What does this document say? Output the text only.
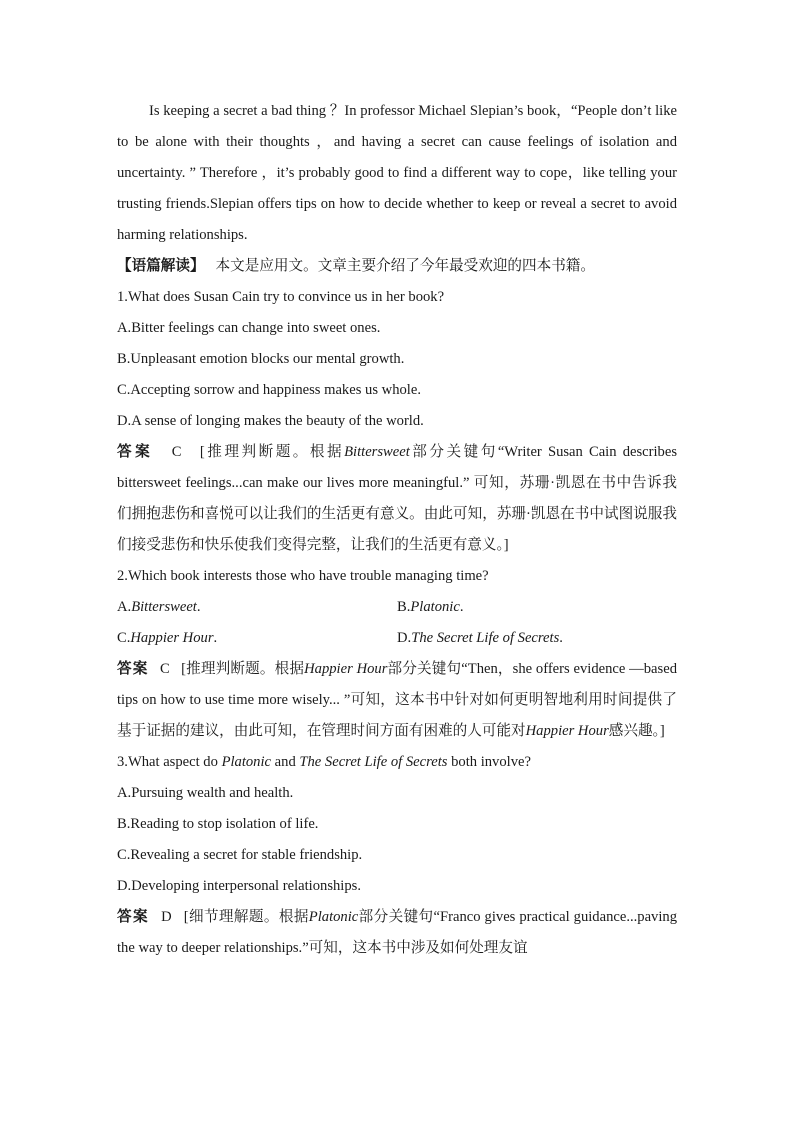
Is keeping a secret a bad thing ？In professor Michael Slepian’s book，“People don’t like to be alone with their thoughts ，and having a secret can cause feelings of isolation and uncertainty. ” Therefore ，it’s probably good to find a different way to cope，like telling your trusting friends.Slepian offers tips on how to decide whether to keep or reveal a secret to avoid harming relationships.

【语篇解读】 本文是应用文。文章主要介绍了今年最受欢迎的四本书籍。

1.What does Susan Cain try to convince us in her book?

A.Bitter feelings can change into sweet ones.

B.Unpleasant emotion blocks our mental growth.

C.Accepting sorrow and happiness makes us whole.

D.A sense of longing makes the beauty of the world.

答案 C [推理判断题。根据Bittersweet部分关键句“Writer Susan Cain describes bittersweet feelings...can make our lives more meaningful.” 可知，苏珊·凯恩在书中告诉我们拥抱悲伤和喜悦可以让我们的生活更有意义。由此可知，苏珊·凯恩在书中试图说服我们接受悲伤和快乐使我们变得完整，让我们的生活更有意义。]

2.Which book interests those who have trouble managing time?

A.Bittersweet.	B.Platonic.
C.Happier Hour.	D.The Secret Life of Secrets.

答案 C [推理判断题。根据Happier Hour部分关键句“Then，she offers evidence —based tips on how to use time more wisely... ”可知，这本书中针对如何更明智地利用时间提供了基于证据的建议，由此可知，在管理时间方面有困难的人可能对Happier Hour感兴趣。]

3.What aspect do Platonic and The Secret Life of Secrets both involve?

A.Pursuing wealth and health.

B.Reading to stop isolation of life.

C.Revealing a secret for stable friendship.

D.Developing interpersonal relationships.

答案 D [细节理解题。根据Platonic部分关键句“Franco gives practical guidance...paving the way to deeper relationships.”可知，这本书中涉及如何处理友谊
